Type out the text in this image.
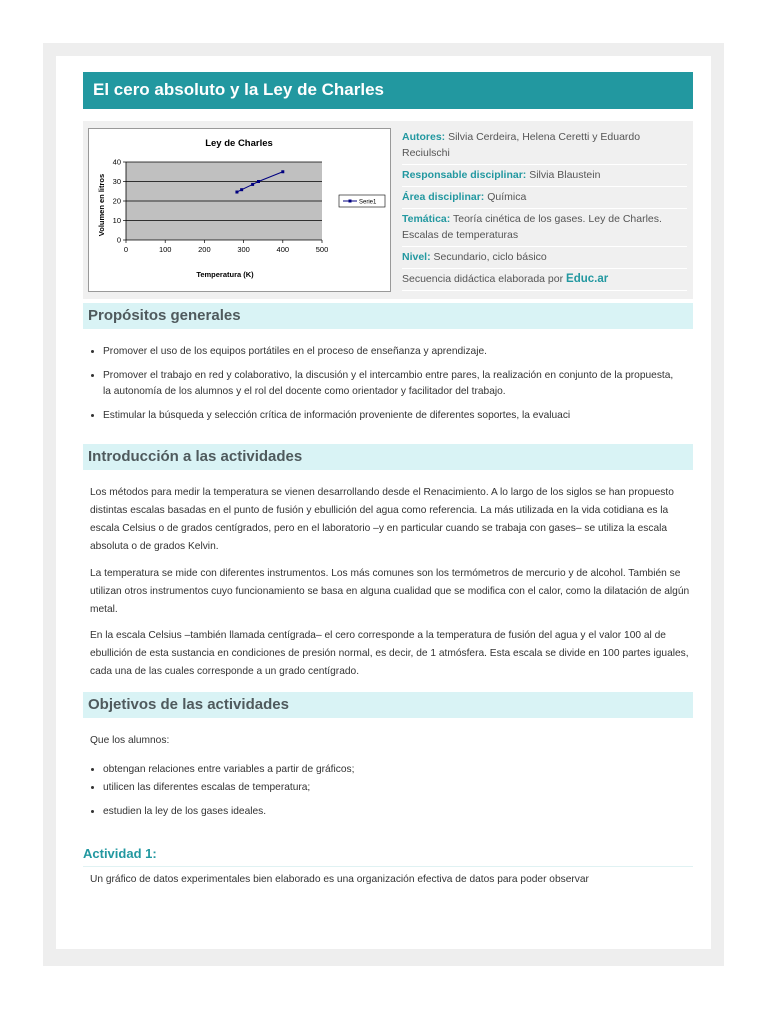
El cero absoluto y la Ley de Charles
Ley de Charles
Volumen en litros
Temperatura (K)
0
10
20
30
40
0	100	200	300	400	500
Serie1
Autores: Silvia Cerdeira, Helena Ceretti y Eduardo Reciulschi
Responsable disciplinar: Silvia Blaustein
Área disciplinar: Química
Temática: Teoría cinética de los gases. Ley de Charles. Escalas de temperaturas
Nivel: Secundario, ciclo básico
Secuencia didáctica elaborada por Educ.ar
Propósitos generales
• Promover el uso de los equipos portátiles en el proceso de enseñanza y aprendizaje.
• Promover el trabajo en red y colaborativo, la discusión y el intercambio entre pares, la realización en conjunto de la propuesta, la autonomía de los alumnos y el rol del docente como orientador y facilitador del trabajo.
• Estimular la búsqueda y selección crítica de información proveniente de diferentes soportes, la evaluaci
Introducción a las actividades

Los métodos para medir la temperatura se vienen desarrollando desde el Renacimiento. A lo largo de los siglos se han propuesto distintas escalas basadas en el punto de fusión y ebullición del agua como referencia. La más utilizada en la vida cotidiana es la escala Celsius o de grados centígrados, pero en el laboratorio –y en particular cuando se trabaja con gases– se utiliza la escala absoluta o de grados Kelvin.

La temperatura se mide con diferentes instrumentos. Los más comunes son los termómetros de mercurio y de alcohol. También se utilizan otros instrumentos cuyo funcionamiento se basa en alguna cualidad que se modifica con el calor, como la dilatación de algún metal.

En la escala Celsius –también llamada centígrada– el cero corresponde a la temperatura de fusión del agua y el valor 100 al de ebullición de esta sustancia en condiciones de presión normal, es decir, de 1 atmósfera. Esta escala se divide en 100 partes iguales, cada una de las cuales corresponde a un grado centígrado.

Objetivos de las actividades

Que los alumnos:

• obtengan relaciones entre variables a partir de gráficos;
• utilicen las diferentes escalas de temperatura;
• estudien la ley de los gases ideales.
Actividad 1:

Un gráfico de datos experimentales bien elaborado es una organización efectiva de datos para poder observar
